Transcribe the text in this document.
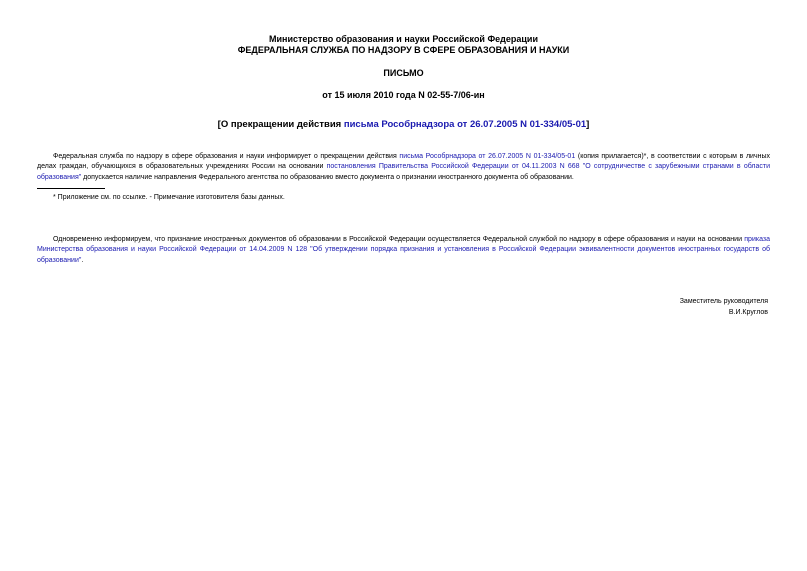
Министерство образования и науки Российской Федерации
ФЕДЕРАЛЬНАЯ СЛУЖБА ПО НАДЗОРУ В СФЕРЕ ОБРАЗОВАНИЯ И НАУКИ
ПИСЬМО
от 15 июля 2010 года N 02-55-7/06-ин
[О прекращении действия письма Рособрнадзора от 26.07.2005 N 01-334/05-01]
Федеральная служба по надзору в сфере образования и науки информирует о прекращении действия письма Рособрнадзора от 26.07.2005 N 01-334/05-01 (копия прилагается)*, в соответствии с которым в личных делах граждан, обучающихся в образовательных учреждениях России на основании постановления Правительства Российской Федерации от 04.11.2003 N 668 "О сотрудничестве с зарубежными странами в области образования" допускается наличие направления Федерального агентства по образованию вместо документа о признании иностранного документа об образовании.
* Приложение см. по ссылке. - Примечание изготовителя базы данных.
Одновременно информируем, что признание иностранных документов об образовании в Российской Федерации осуществляется Федеральной службой по надзору в сфере образования и науки на основании приказа Министерства образования и науки Российской Федерации от 14.04.2009 N 128 "Об утверждении порядка признания и установления в Российской Федерации эквивалентности документов иностранных государств об образовании".
Заместитель руководителя
В.И.Круглов
